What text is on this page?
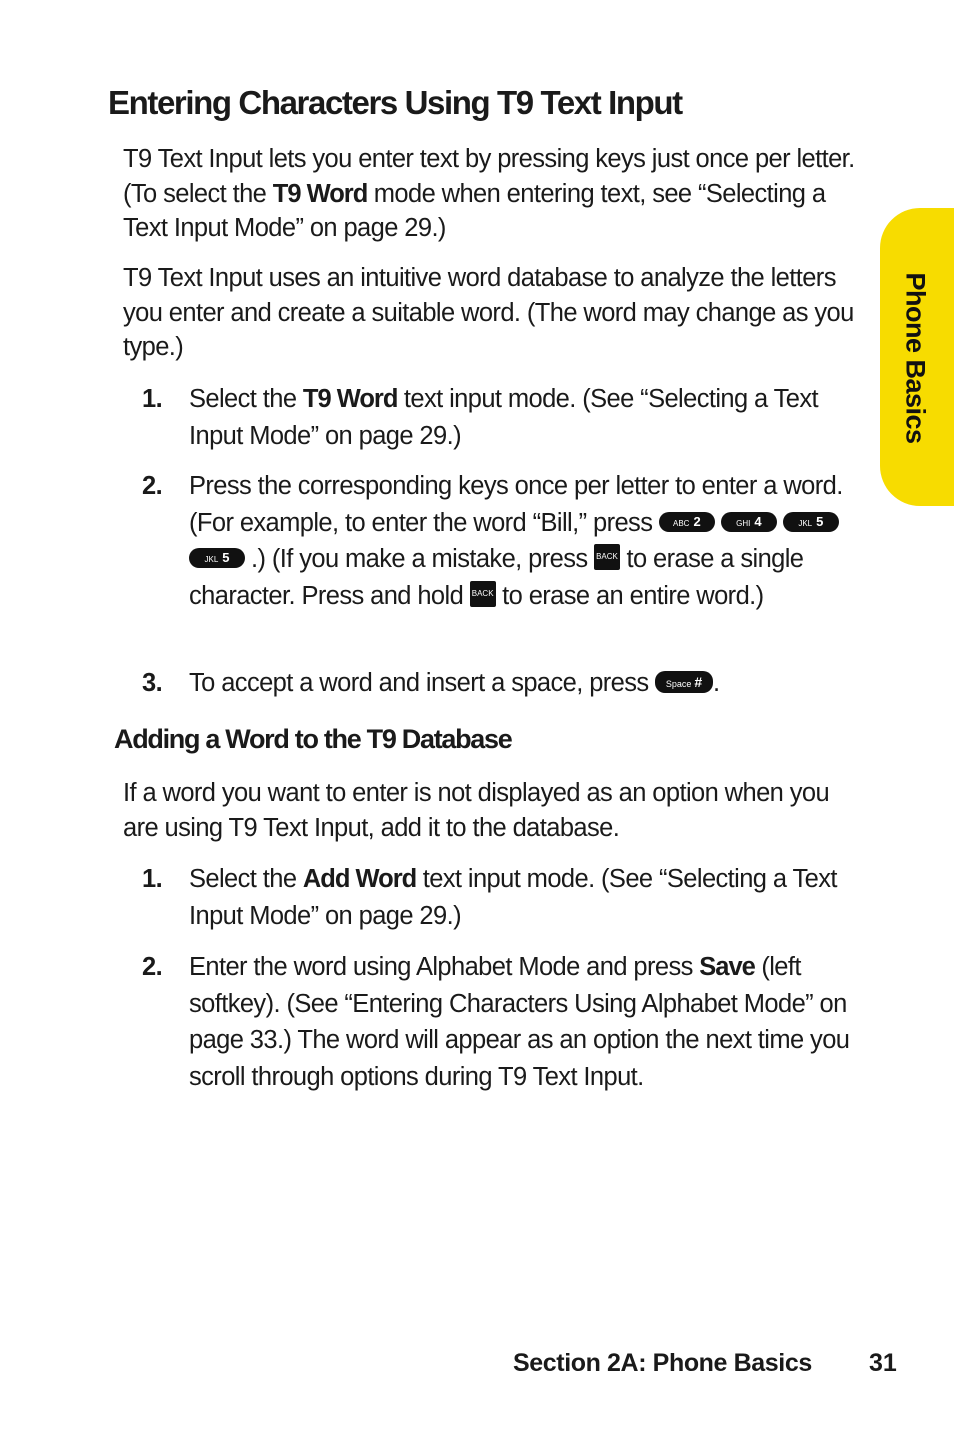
Entering Characters Using T9 Text Input

T9 Text Input lets you enter text by pressing keys just once per letter. (To select the T9 Word mode when entering text, see “Selecting a Text Input Mode” on page 29.)

T9 Text Input uses an intuitive word database to analyze the letters you enter and create a suitable word. (The word may change as you type.)

1. Select the T9 Word text input mode. (See “Selecting a Text Input Mode” on page 29.)
2. Press the corresponding keys once per letter to enter a word. (For example, to enter the word “Bill,” press ABC 2	GHI 4	JKL 5JKL 5 .) (If you make a mistake, press BACK to erase a single character. Press and hold BACK to erase an entire word.)
3. To accept a word and insert a space, press Space # .
Adding a Word to the T9 Database

If a word you want to enter is not displayed as an option when you are using T9 Text Input, add it to the database.

1. Select the Add Word text input mode. (See “Selecting a Text Input Mode” on page 29.)
2. Enter the word using Alphabet Mode and press Save (left softkey). (See “Entering Characters Using Alphabet Mode” on page 33.) The word will appear as an option the next time you scroll through options during T9 Text Input.
Phone Basics
Section 2A: Phone Basics 31
